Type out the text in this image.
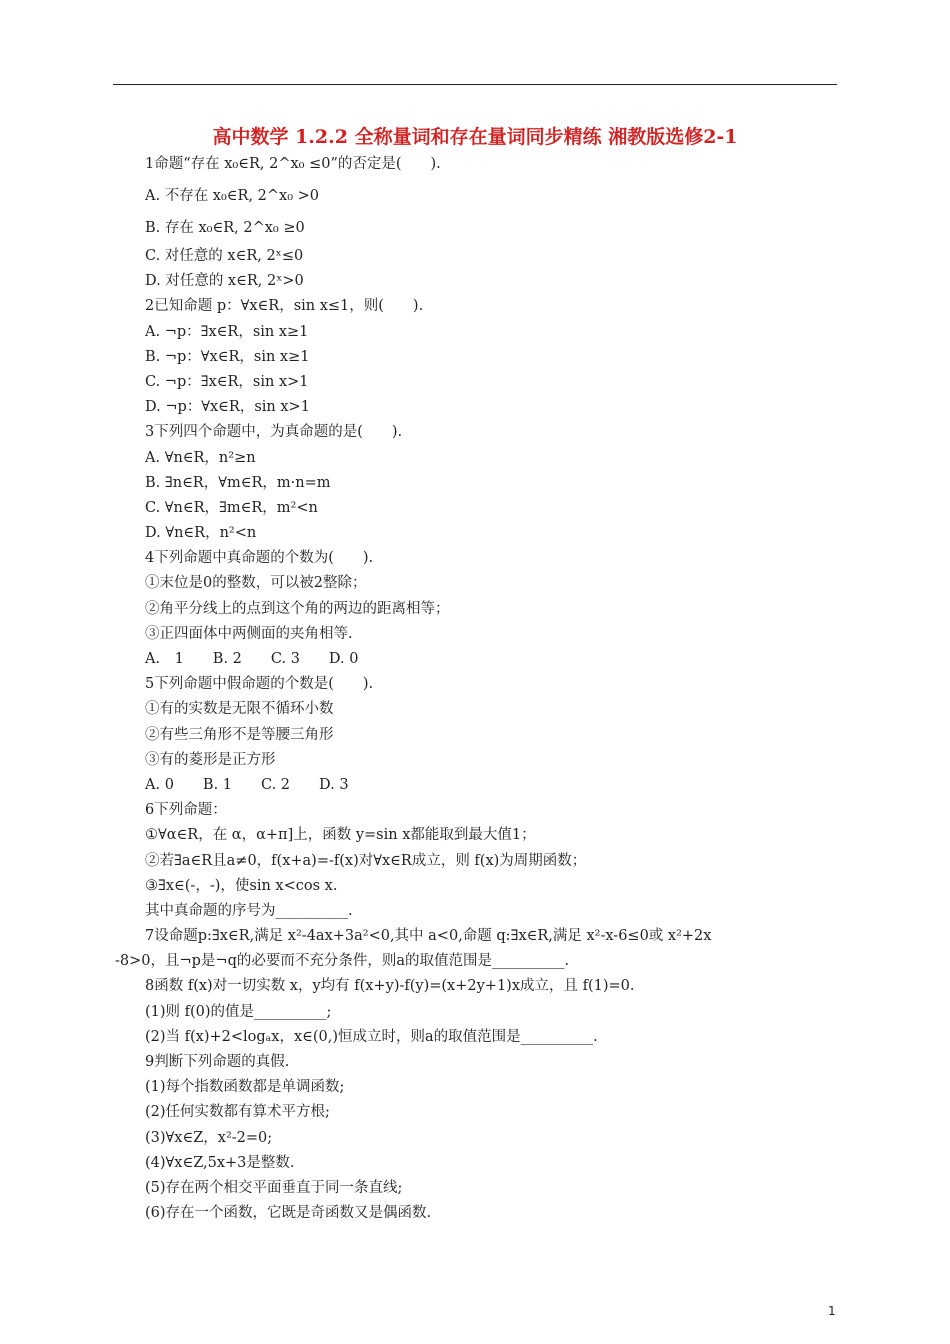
高中数学 1.2.2 全称量词和存在量词同步精练 湘教版选修2-1
1命题“存在 x₀∈R, 2^x₀ ≤0”的否定是(　　).
A. 不存在 x₀∈R, 2^x₀ >0
B. 存在 x₀∈R, 2^x₀ ≥0
C. 对任意的 x∈R, 2ˣ≤0
D. 对任意的 x∈R, 2ˣ>0
2已知命题 p：∀x∈R，sin x≤1，则(　　).
A. ¬p：∃x∈R，sin x≥1
B. ¬p：∀x∈R，sin x≥1
C. ¬p：∃x∈R，sin x>1
D. ¬p：∀x∈R，sin x>1
3下列四个命题中，为真命题的是(　　).
A. ∀n∈R，n²≥n
B. ∃n∈R，∀m∈R，m·n=m
C. ∀n∈R，∃m∈R，m²<n
D. ∀n∈R，n²<n
4下列命题中真命题的个数为(　　).
①末位是0的整数，可以被2整除；
②角平分线上的点到这个角的两边的距离相等；
③正四面体中两侧面的夹角相等.
A.　1　　B. 2　　C. 3　　D. 0
5下列命题中假命题的个数是(　　).
①有的实数是无限不循环小数
②有些三角形不是等腰三角形
③有的菱形是正方形
A. 0　　B. 1　　C. 2　　D. 3
6下列命题：
①∀α∈R，在 α，α+π]上，函数 y=sin x都能取到最大值1；
②若∃a∈R且a≠0，f(x+a)=-f(x)对∀x∈R成立，则 f(x)为周期函数；
③∃x∈(-，-)，使sin x<cos x.
其中真命题的序号为__________.
7设命题p:∃x∈R,满足 x²-4ax+3a²<0,其中 a<0,命题 q:∃x∈R,满足 x²-x-6≤0或 x²+2x
-8>0，且¬p是¬q的必要而不充分条件，则a的取值范围是__________.
8函数 f(x)对一切实数 x，y均有 f(x+y)-f(y)=(x+2y+1)x成立，且 f(1)=0.
(1)则 f(0)的值是__________;
(2)当 f(x)+2<logₐx，x∈(0,)恒成立时，则a的取值范围是__________.
9判断下列命题的真假.
(1)每个指数函数都是单调函数;
(2)任何实数都有算术平方根;
(3)∀x∈Z，x²-2=0;
(4)∀x∈Z,5x+3是整数.
(5)存在两个相交平面垂直于同一条直线;
(6)存在一个函数，它既是奇函数又是偶函数.
1
